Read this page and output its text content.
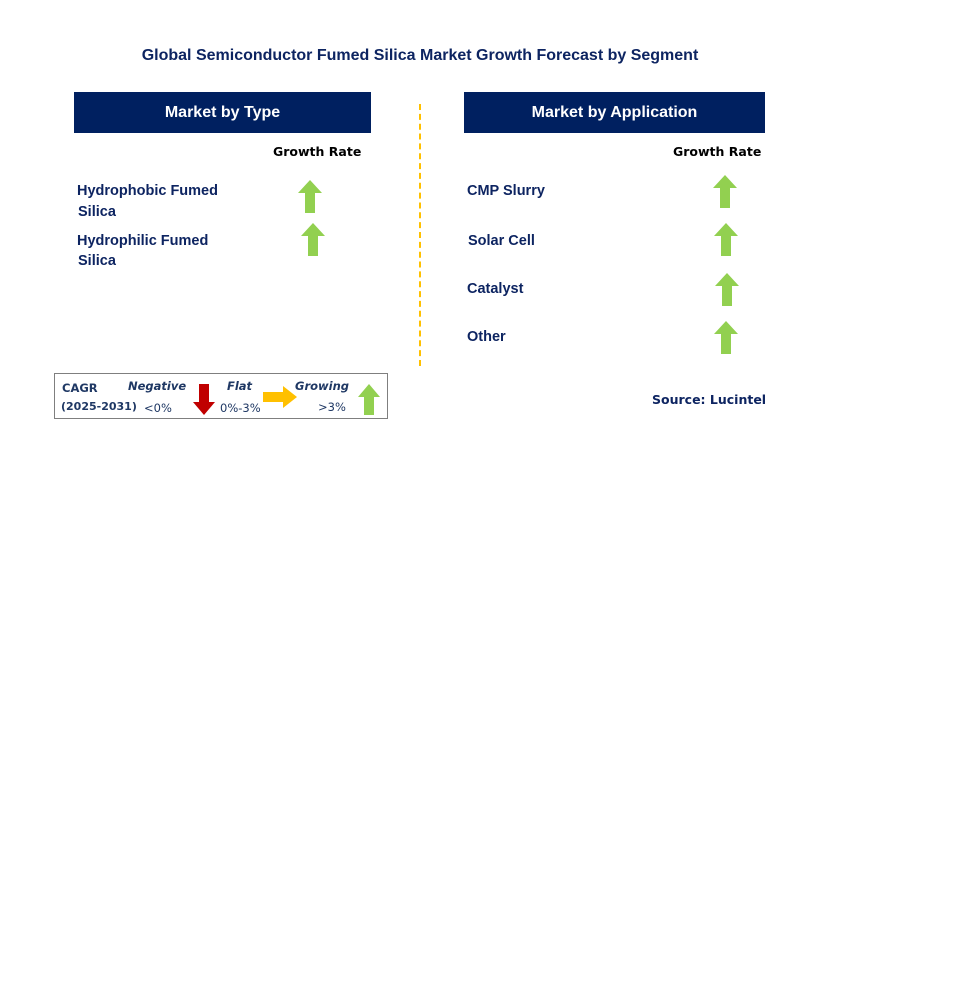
Global Semiconductor Fumed Silica Market Growth Forecast by Segment
Market by Type
Growth Rate
Hydrophobic Fumed
Silica
Hydrophilic Fumed
Silica
Market by Application
Growth Rate
CMP Slurry
Solar Cell
Catalyst
Other
CAGR
(2025-2031)
Negative
<0%
Flat
0%-3%
Growing
>3%	Source: Lucintel
